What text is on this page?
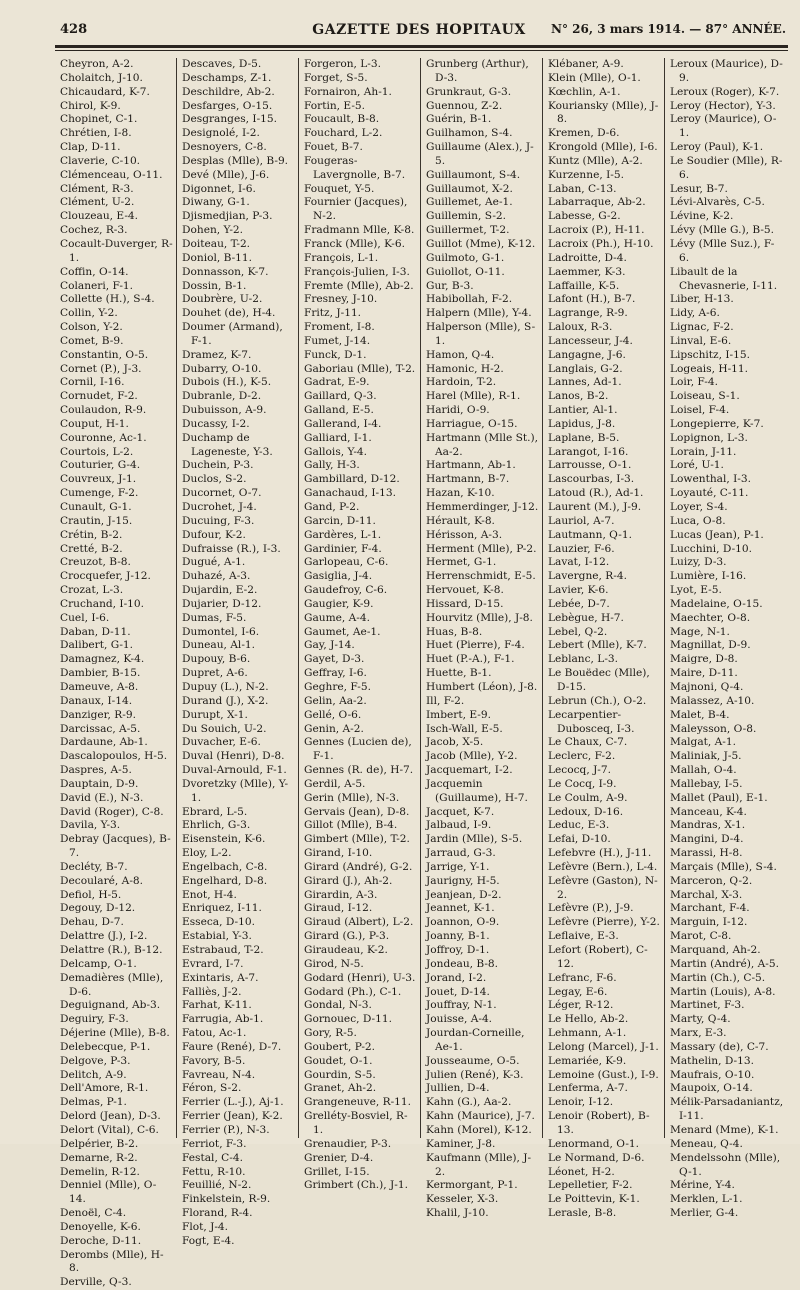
428	GAZETTE DES HOPITAUX	N° 26, 3 mars 1914. — 87° ANNÉE.
Cheyron, A-2.
Cholaitch, J-10.
Chicaudard, K-7.
Chirol, K-9.
Chopinet, C-1.
Chrétien, I-8.
Clap, D-11.
Claverie, C-10.
Clémenceau, O-11.
Clément, R-3.
Clément, U-2.
Clouzeau, E-4.
Cochez, R-3.
Cocault-Duverger, R-1.
Coffin, O-14.
Colaneri, F-1.
Collette (H.), S-4.
Collin, Y-2.
Colson, Y-2.
Comet, B-9.
Constantin, O-5.
Cornet (P.), J-3.
Cornil, I-16.
Cornudet, F-2.
Coulaudon, R-9.
Couput, H-1.
Couronne, Ac-1.
Courtois, L-2.
Couturier, G-4.
Couvreux, J-1.
Cumenge, F-2.
Cunault, G-1.
Crautin, J-15.
Crétin, B-2.
Cretté, B-2.
Creuzot, B-8.
Crocquefer, J-12.
Crozat, L-3.
Cruchand, I-10.
Cuel, I-6.
Daban, D-11.
Dalibert, G-1.
Damagnez, K-4.
Dambier, B-15.
Dameuve, A-8.
Danaux, I-14.
Danziger, R-9.
Darcissac, A-5.
Dardaune, Ab-1.
Dascalopoulos, H-5.
Daspres, A-5.
Dauptain, D-9.
David (E.), N-3.
David (Roger), C-8.
Davila, Y-3.
Debray (Jacques), B-7.
Decléty, B-7.
Decoularé, A-8.
Defiol, H-5.
Degouy, D-12.
Dehau, D-7.
Delattre (J.), I-2.
Delattre (R.), B-12.
Delcamp, O-1.
Demadières (Mlle), D-6.
Deguignand, Ab-3.
Deguiry, F-3.
Déjerine (Mlle), B-8.
Delebecque, P-1.
Delgove, P-3.
Delitch, A-9.
Dell'Amore, R-1.
Delmas, P-1.
Delord (Jean), D-3.
Delort (Vital), C-6.
Delpérier, B-2.
Demarne, R-2.
Demelin, R-12.
Denniel (Mlle), O-14.
Denoël, C-4.
Denoyelle, K-6.
Deroche, D-11.
Derombs (Mlle), H-8.
Derville, Q-3.
Descaves, D-5.
Deschamps, Z-1.
Deschildre, Ab-2.
Desfarges, O-15.
Desgranges, I-15.
Designolé, I-2.
Desnoyers, C-8.
Desplas (Mlle), B-9.
Devé (Mlle), J-6.
Digonnet, I-6.
Diwany, G-1.
Djismedjian, P-3.
Dohen, Y-2.
Doiteau, T-2.
Doniol, B-11.
Donnasson, K-7.
Dossin, B-1.
Doubrère, U-2.
Douhet (de), H-4.
Doumer (Armand), F-1.
Dramez, K-7.
Dubarry, O-10.
Dubois (H.), K-5.
Dubranle, D-2.
Dubuisson, A-9.
Ducassy, I-2.
Duchamp de Lageneste, Y-3.
Duchein, P-3.
Duclos, S-2.
Ducornet, O-7.
Ducrohet, J-4.
Ducuing, F-3.
Dufour, K-2.
Dufraisse (R.), I-3.
Dugué, A-1.
Duhazé, A-3.
Dujardin, E-2.
Dujarier, D-12.
Dumas, F-5.
Dumontel, I-6.
Duneau, Al-1.
Dupouy, B-6.
Dupret, A-6.
Dupuy (L.), N-2.
Durand (J.), X-2.
Durupt, X-1.
Du Souich, U-2.
Duvacher, E-6.
Duval (Henri), D-8.
Duval-Arnould, F-1.
Dvoretzky (Mlle), Y-1.
Ebrard, L-5.
Ehrlich, G-3.
Eisenstein, K-6.
Eloy, L-2.
Engelbach, C-8.
Engelhard, D-8.
Enot, H-4.
Enriquez, I-11.
Esseca, D-10.
Estabial, Y-3.
Estrabaud, T-2.
Evrard, I-7.
Exintaris, A-7.
Falliès, J-2.
Farhat, K-11.
Farrugia, Ab-1.
Fatou, Ac-1.
Faure (René), D-7.
Favory, B-5.
Favreau, N-4.
Féron, S-2.
Ferrier (L.-J.), Aj-1.
Ferrier (Jean), K-2.
Ferrier (P.), N-3.
Ferriot, F-3.
Festal, C-4.
Fettu, R-10.
Feuillié, N-2.
Finkelstein, R-9.
Florand, R-4.
Flot, J-4.
Fogt, E-4.
Forgeron, L-3.
Forget, S-5.
Fornairon, Ah-1.
Fortin, E-5.
Foucault, B-8.
Fouchard, L-2.
Fouet, B-7.
Fougeras-Lavergnolle, B-7.
Fouquet, Y-5.
Fournier (Jacques), N-2.
Fradmann Mlle, K-8.
Franck (Mlle), K-6.
François, L-1.
François-Julien, I-3.
Fremte (Mlle), Ab-2.
Fresney, J-10.
Fritz, J-11.
Froment, I-8.
Fumet, J-14.
Funck, D-1.
Gaboriau (Mlle), T-2.
Gadrat, E-9.
Gaillard, Q-3.
Galland, E-5.
Gallerand, I-4.
Galliard, I-1.
Gallois, Y-4.
Gally, H-3.
Gambillard, D-12.
Ganachaud, I-13.
Gand, P-2.
Garcin, D-11.
Gardères, L-1.
Gardinier, F-4.
Garlopeau, C-6.
Gasiglia, J-4.
Gaudefroy, C-6.
Gaugier, K-9.
Gaume, A-4.
Gaumet, Ae-1.
Gay, J-14.
Gayet, D-3.
Geffray, I-6.
Geghre, F-5.
Gelin, Aa-2.
Gellé, O-6.
Genin, A-2.
Gennes (Lucien de), F-1.
Gennes (R. de), H-7.
Gerdil, A-5.
Gerin (Mlle), N-3.
Gervais (Jean), D-8.
Gillot (Mlle), B-4.
Gimbert (Mlle), T-2.
Girand, I-10.
Girard (André), G-2.
Girard (J.), Ah-2.
Girardin, A-3.
Giraud, I-12.
Giraud (Albert), L-2.
Girard (G.), P-3.
Giraudeau, K-2.
Girod, N-5.
Godard (Henri), U-3.
Godard (Ph.), C-1.
Gondal, N-3.
Gornouec, D-11.
Gory, R-5.
Goubert, P-2.
Goudet, O-1.
Gourdin, S-5.
Granet, Ah-2.
Grangeneuve, R-11.
Grelléty-Bosviel, R-1.
Grenaudier, P-3.
Grenier, D-4.
Grillet, I-15.
Grimbert (Ch.), J-1.
Grunberg (Arthur), D-3.
Grunkraut, G-3.
Guennou, Z-2.
Guérin, B-1.
Guilhamon, S-4.
Guillaume (Alex.), J-5.
Guillaumont, S-4.
Guillaumot, X-2.
Guillemet, Ae-1.
Guillemin, S-2.
Guillermet, T-2.
Guillot (Mme), K-12.
Guilmoto, G-1.
Guiollot, O-11.
Gur, B-3.
Habibollah, F-2.
Halpern (Mlle), Y-4.
Halperson (Mlle), S-1.
Hamon, Q-4.
Hamonic, H-2.
Hardoin, T-2.
Harel (Mlle), R-1.
Haridi, O-9.
Harriague, O-15.
Hartmann (Mlle St.), Aa-2.
Hartmann, Ab-1.
Hartmann, B-7.
Hazan, K-10.
Hemmerdinger, J-12.
Hérault, K-8.
Hérisson, A-3.
Herment (Mlle), P-2.
Hermet, G-1.
Herrenschmidt, E-5.
Hervouet, K-8.
Hissard, D-15.
Hourvitz (Mlle), J-8.
Huas, B-8.
Huet (Pierre), F-4.
Huet (P.-A.), F-1.
Huette, B-1.
Humbert (Léon), J-8.
Ill, F-2.
Imbert, E-9.
Isch-Wall, E-5.
Jacob, X-5.
Jacob (Mlle), Y-2.
Jacquemart, I-2.
Jacquemin (Guillaume), H-7.
Jacquet, K-7.
Jalbaud, I-9.
Jardin (Mlle), S-5.
Jarraud, G-3.
Jarrige, Y-1.
Jaurigny, H-5.
Jeanjean, D-2.
Jeannet, K-1.
Joannon, O-9.
Joanny, B-1.
Joffroy, D-1.
Jondeau, B-8.
Jorand, I-2.
Jouet, D-14.
Jouffray, N-1.
Jouisse, A-4.
Jourdan-Corneille, Ae-1.
Jousseaume, O-5.
Julien (René), K-3.
Jullien, D-4.
Kahn (G.), Aa-2.
Kahn (Maurice), J-7.
Kahn (Morel), K-12.
Kaminer, J-8.
Kaufmann (Mlle), J-2.
Kermorgant, P-1.
Kesseler, X-3.
Khalil, J-10.
Klébaner, A-9.
Klein (Mlle), O-1.
Kœchlin, A-1.
Kouriansky (Mlle), J-8.
Kremen, D-6.
Krongold (Mlle), I-6.
Kuntz (Mlle), A-2.
Kurzenne, I-5.
Laban, C-13.
Labarraque, Ab-2.
Labesse, G-2.
Lacroix (P.), H-11.
Lacroix (Ph.), H-10.
Ladroitte, D-4.
Laemmer, K-3.
Laffaille, K-5.
Lafont (H.), B-7.
Lagrange, R-9.
Laloux, R-3.
Lancesseur, J-4.
Langagne, J-6.
Langlais, G-2.
Lannes, Ad-1.
Lanos, B-2.
Lantier, Al-1.
Lapidus, J-8.
Laplane, B-5.
Larangot, I-16.
Larrousse, O-1.
Lascourbas, I-3.
Latoud (R.), Ad-1.
Laurent (M.), J-9.
Lauriol, A-7.
Lautmann, Q-1.
Lauzier, F-6.
Lavat, I-12.
Lavergne, R-4.
Lavier, K-6.
Lebée, D-7.
Lebègue, H-7.
Lebel, Q-2.
Lebert (Mlle), K-7.
Leblanc, L-3.
Le Bouëdec (Mlle), D-15.
Lebrun (Ch.), O-2.
Lecarpentier-Dubosceq, I-3.
Le Chaux, C-7.
Leclerc, F-2.
Lecocq, J-7.
Le Cocq, I-9.
Le Coulm, A-9.
Ledoux, D-16.
Leduc, E-3.
Lefai, D-10.
Lefebvre (H.), J-11.
Lefèvre (Bern.), L-4.
Lefèvre (Gaston), N-2.
Lefèvre (P.), J-9.
Lefèvre (Pierre), Y-2.
Leflaive, E-3.
Lefort (Robert), C-12.
Lefranc, F-6.
Legay, E-6.
Léger, R-12.
Le Hello, Ab-2.
Lehmann, A-1.
Lelong (Marcel), J-1.
Lemariée, K-9.
Lemoine (Gust.), I-9.
Lenferma, A-7.
Lenoir, I-12.
Lenoir (Robert), B-13.
Lenormand, O-1.
Le Normand, D-6.
Léonet, H-2.
Lepelletier, F-2.
Le Poittevin, K-1.
Lerasle, B-8.
Leroux (Maurice), D-9.
Leroux (Roger), K-7.
Leroy (Hector), Y-3.
Leroy (Maurice), O-1.
Leroy (Paul), K-1.
Le Soudier (Mlle), R-6.
Lesur, B-7.
Lévi-Alvarès, C-5.
Lévine, K-2.
Lévy (Mlle G.), B-5.
Lévy (Mlle Suz.), F-6.
Libault de la Chevasnerie, I-11.
Liber, H-13.
Lidy, A-6.
Lignac, F-2.
Linval, E-6.
Lipschitz, I-15.
Logeais, H-11.
Loir, F-4.
Loiseau, S-1.
Loisel, F-4.
Longepierre, K-7.
Lopignon, L-3.
Lorain, J-11.
Loré, U-1.
Lowenthal, I-3.
Loyauté, C-11.
Loyer, S-4.
Luca, O-8.
Lucas (Jean), P-1.
Lucchini, D-10.
Luizy, D-3.
Lumière, I-16.
Lyot, E-5.
Madelaine, O-15.
Maechter, O-8.
Mage, N-1.
Magnillat, D-9.
Maigre, D-8.
Maire, D-11.
Majnoni, Q-4.
Malassez, A-10.
Malet, B-4.
Maleysson, O-8.
Malgat, A-1.
Maliniak, J-5.
Mallah, O-4.
Mallebay, I-5.
Mallet (Paul), E-1.
Manceau, K-4.
Mandras, X-1.
Mangini, D-4.
Marassi, H-8.
Marçais (Mlle), S-4.
Marceron, Q-2.
Marchal, X-3.
Marchant, F-4.
Marguin, I-12.
Marot, C-8.
Marquand, Ah-2.
Martin (André), A-5.
Martin (Ch.), C-5.
Martin (Louis), A-8.
Martinet, F-3.
Marty, Q-4.
Marx, E-3.
Massary (de), C-7.
Mathelin, D-13.
Maufrais, O-10.
Maupoix, O-14.
Mélik-Parsadaniantz, I-11.
Menard (Mme), K-1.
Meneau, Q-4.
Mendelssohn (Mlle), Q-1.
Mérine, Y-4.
Merklen, L-1.
Merlier, G-4.
